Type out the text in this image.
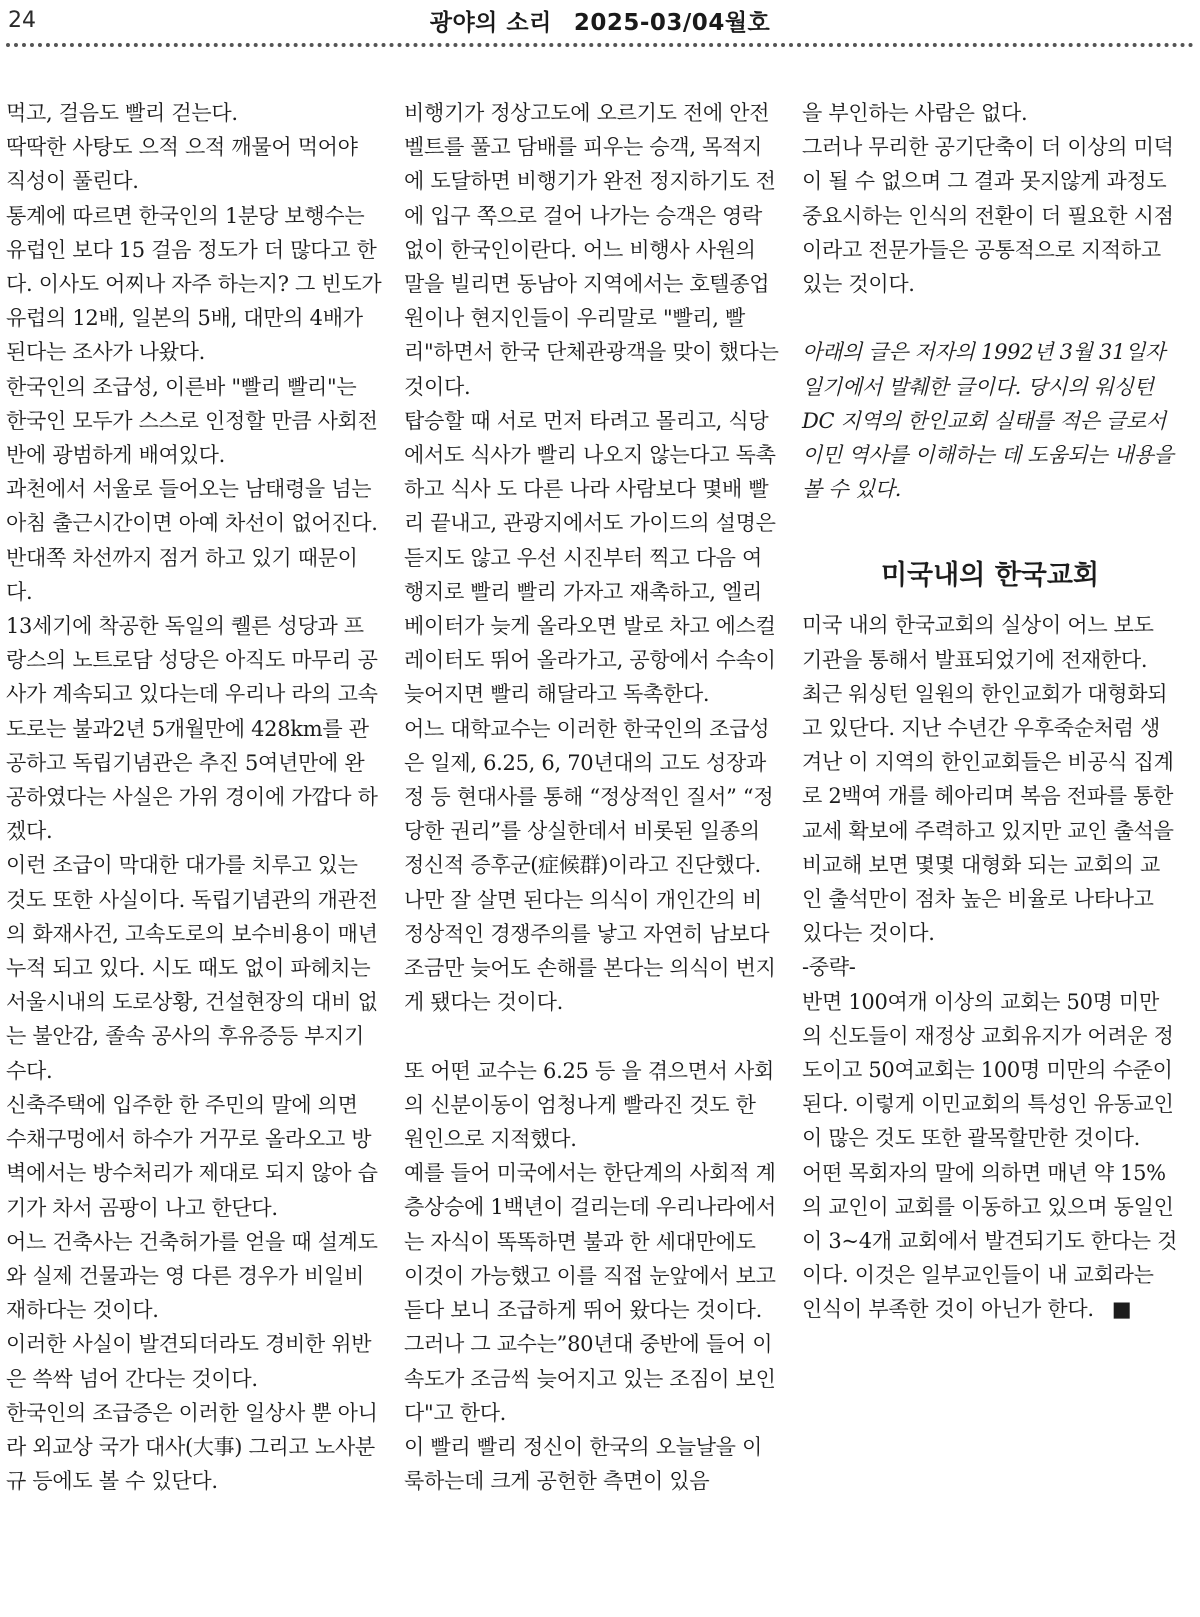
24	광야의 소리 2025-03/04월호

먹고, 걸음도 빨리 걷는다.

딱딱한 사탕도 으적 으적 깨물어 먹어야 직성이 풀린다.

통계에 따르면 한국인의 1분당 보행수는 유럽인 보다 15 걸음 정도가 더 많다고 한다. 이사도 어찌나 자주 하는지? 그 빈도가 유럽의 12배, 일본의 5배, 대만의 4배가 된다는 조사가 나왔다.

한국인의 조급성, 이른바 "빨리 빨리"는 한국인 모두가 스스로 인정할 만큼 사회전반에 광범하게 배여있다.

과천에서 서울로 들어오는 남태령을 넘는 아침 출근시간이면 아예 차선이 없어진다.

반대쪽 차선까지 점거 하고 있기 때문이다.

13세기에 착공한 독일의 퀠른 성당과 프랑스의 노트로담 성당은 아직도 마무리 공사가 계속되고 있다는데 우리나 라의 고속도로는 불과2년 5개월만에 428km를 관공하고 독립기념관은 추진 5여년만에 완공하였다는 사실은 가위 경이에 가깝다 하겠다.

이런 조급이 막대한 대가를 치루고 있는 것도 또한 사실이다. 독립기념관의 개관전의 화재사건, 고속도로의 보수비용이 매년 누적 되고 있다. 시도 때도 없이 파헤치는 서울시내의 도로상황, 건설현장의 대비 없는 불안감, 졸속 공사의 후유증등 부지기수다.

신축주택에 입주한 한 주민의 말에 의면 수채구멍에서 하수가 거꾸로 올라오고 방벽에서는 방수처리가 제대로 되지 않아 습기가 차서 곰팡이 나고 한단다.

어느 건축사는 건축허가를 얻을 때 설계도와 실제 건물과는 영 다른 경우가 비일비재하다는 것이다.

이러한 사실이 발견되더라도 경비한 위반은 쓱싹 넘어 간다는 것이다.

한국인의 조급증은 이러한 일상사 뿐 아니라 외교상 국가 대사(大事) 그리고 노사분규 등에도 볼 수 있단다.

비행기가 정상고도에 오르기도 전에 안전벨트를 풀고 담배를 피우는 승객, 목적지에 도달하면 비행기가 완전 정지하기도 전에 입구 쪽으로 걸어 나가는 승객은 영락없이 한국인이란다. 어느 비행사 사원의 말을 빌리면 동남아 지역에서는 호텔종업원이나 현지인들이 우리말로 "빨리, 빨리"하면서 한국 단체관광객을 맞이 했다는 것이다.

탑승할 때 서로 먼저 타려고 몰리고, 식당에서도 식사가 빨리 나오지 않는다고 독촉하고 식사 도 다른 나라 사람보다 몇배 빨리 끝내고, 관광지에서도 가이드의 설명은 듣지도 않고 우선 시진부터 찍고 다음 여행지로 빨리 빨리 가자고 재촉하고, 엘리베이터가 늦게 올라오면 발로 차고 에스컬레이터도 뛰어 올라가고, 공항에서 수속이 늦어지면 빨리 해달라고 독촉한다.

어느 대학교수는 이러한 한국인의 조급성은 일제, 6.25, 6, 70년대의 고도 성장과정 등 현대사를 통해 “정상적인 질서” “정당한 권리”를 상실한데서 비롯된 일종의 정신적 증후군(症候群)이라고 진단했다.

나만 잘 살면 된다는 의식이 개인간의 비정상적인 경쟁주의를 낳고 자연히 남보다 조금만 늦어도 손해를 본다는 의식이 번지게 됐다는 것이다.

또 어떤 교수는 6.25 등 을 겪으면서 사회의 신분이동이 엄청나게 빨라진 것도 한 원인으로 지적했다.

예를 들어 미국에서는 한단계의 사회적 계층상승에 1백년이 걸리는데 우리나라에서는 자식이 똑똑하면 불과 한 세대만에도 이것이 가능했고 이를 직접 눈앞에서 보고 듣다 보니 조급하게 뛰어 왔다는 것이다.

그러나 그 교수는”80년대 중반에 들어 이 속도가 조금씩 늦어지고 있는 조짐이 보인다"고 한다.

이 빨리 빨리 정신이 한국의 오늘날을 이룩하는데 크게 공헌한 측면이 있음

을 부인하는 사람은 없다.

그러나 무리한 공기단축이 더 이상의 미덕이 될 수 없으며 그 결과 못지않게 과정도 중요시하는 인식의 전환이 더 필요한 시점이라고 전문가들은 공통적으로 지적하고 있는 것이다.

아래의 글은 저자의 1992년 3월 31일자 일기에서 발췌한 글이다. 당시의 워싱턴 DC 지역의 한인교회 실태를 적은 글로서 이민 역사를 이해하는 데 도움되는 내용을 볼 수 있다.

미국내의 한국교회

미국 내의 한국교회의 실상이 어느 보도 기관을 통해서 발표되었기에 전재한다.

최근 워싱턴 일원의 한인교회가 대형화되고 있단다. 지난 수년간 우후죽순처럼 생겨난 이 지역의 한인교회들은 비공식 집계로 2백여 개를 헤아리며 복음 전파를 통한 교세 확보에 주력하고 있지만 교인 출석을 비교해 보면 몇몇 대형화 되는 교회의 교인 출석만이 점차 높은 비율로 나타나고 있다는 것이다.

-중략-

반면 100여개 이상의 교회는 50명 미만의 신도들이 재정상 교회유지가 어려운 정도이고 50여교회는 100명 미만의 수준이 된다. 이렇게 이민교회의 특성인 유동교인이 많은 것도 또한 괄목할만한 것이다.

어떤 목회자의 말에 의하면 매년 약 15%의 교인이 교회를 이동하고 있으며 동일인이 3~4개 교회에서 발견되기도 한다는 것이다. 이것은 일부교인들이 내 교회라는 인식이 부족한 것이 아닌가 한다. ■
